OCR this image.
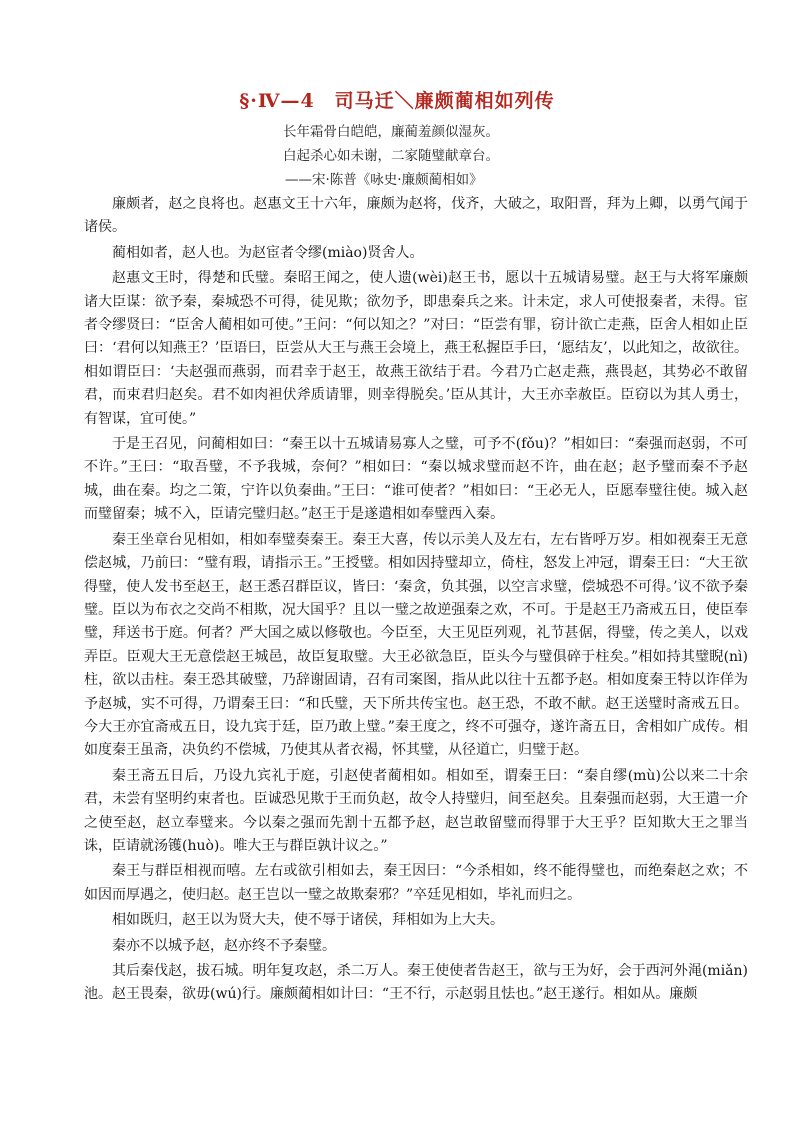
§·Ⅳ—4　司马迁＼廉颇蔺相如列传
长年霜骨白皑皑，廉蔺羞颜似湿灰。
白起杀心如未谢，二家随璧献章台。
——宋·陈普《咏史·廉颇蔺相如》

廉颇者，赵之良将也。赵惠文王十六年，廉颇为赵将，伐齐，大破之，取阳晋，拜为上卿，以勇气闻于诸侯。

蔺相如者，赵人也。为赵宦者令缪(miào)贤舍人。

赵惠文王时，得楚和氏璧。秦昭王闻之，使人遗(wèi)赵王书，愿以十五城请易璧。赵王与大将军廉颇诸大臣谋：欲予秦，秦城恐不可得，徒见欺；欲勿予，即患秦兵之来。计未定，求人可使报秦者，未得。宦者令缪贤曰：“臣舍人蔺相如可使。”王问：“何以知之？”对曰：“臣尝有罪，窃计欲亡走燕，臣舍人相如止臣曰：‘君何以知燕王？’臣语曰，臣尝从大王与燕王会境上，燕王私握臣手曰，‘愿结友’，以此知之，故欲往。相如谓臣曰：‘夫赵强而燕弱，而君幸于赵王，故燕王欲结于君。今君乃亡赵走燕，燕畏赵，其势必不敢留君，而束君归赵矣。君不如肉袒伏斧质请罪，则幸得脱矣。’臣从其计，大王亦幸赦臣。臣窃以为其人勇士，有智谋，宜可使。”

于是王召见，问蔺相如曰：“秦王以十五城请易寡人之璧，可予不(fǒu)？”相如曰：“秦强而赵弱，不可不许。”王曰：“取吾璧，不予我城，奈何？”相如曰：“秦以城求璧而赵不许，曲在赵；赵予璧而秦不予赵城，曲在秦。均之二策，宁许以负秦曲。”王曰：“谁可使者？”相如曰：“王必无人，臣愿奉璧往使。城入赵而璧留秦；城不入，臣请完璧归赵。”赵王于是遂遣相如奉璧西入秦。

秦王坐章台见相如，相如奉璧奏秦王。秦王大喜，传以示美人及左右，左右皆呼万岁。相如视秦王无意偿赵城，乃前曰：“璧有瑕，请指示王。”王授璧。相如因持璧却立，倚柱，怒发上冲冠，谓秦王曰：“大王欲得璧，使人发书至赵王，赵王悉召群臣议，皆曰：‘秦贪，负其强，以空言求璧，偿城恐不可得。’议不欲予秦璧。臣以为布衣之交尚不相欺，况大国乎？且以一璧之故逆强秦之欢，不可。于是赵王乃斋戒五日，使臣奉璧，拜送书于庭。何者？严大国之威以修敬也。今臣至，大王见臣列观，礼节甚倨，得璧，传之美人，以戏弄臣。臣观大王无意偿赵王城邑，故臣复取璧。大王必欲急臣，臣头今与璧俱碎于柱矣。”相如持其璧睨(nì)柱，欲以击柱。秦王恐其破璧，乃辞谢固请，召有司案图，指从此以往十五都予赵。相如度秦王特以诈佯为予赵城，实不可得，乃谓秦王曰：“和氏璧，天下所共传宝也。赵王恐，不敢不献。赵王送璧时斋戒五日。今大王亦宜斋戒五日，设九宾于廷，臣乃敢上璧。”秦王度之，终不可强夺，遂许斋五日，舍相如广成传。相如度秦王虽斋，决负约不偿城，乃使其从者衣褐，怀其璧，从径道亡，归璧于赵。

秦王斋五日后，乃设九宾礼于庭，引赵使者蔺相如。相如至，谓秦王曰：“秦自缪(mù)公以来二十余君，未尝有坚明约束者也。臣诚恐见欺于王而负赵，故令人持璧归，间至赵矣。且秦强而赵弱，大王遣一介之使至赵，赵立奉璧来。今以秦之强而先割十五都予赵，赵岂敢留璧而得罪于大王乎？臣知欺大王之罪当诛，臣请就汤镬(huò)。唯大王与群臣孰计议之。”

秦王与群臣相视而嘻。左右或欲引相如去，秦王因曰：“今杀相如，终不能得璧也，而绝秦赵之欢；不如因而厚遇之，使归赵。赵王岂以一璧之故欺秦邪？”卒廷见相如，毕礼而归之。

相如既归，赵王以为贤大夫，使不辱于诸侯，拜相如为上大夫。

秦亦不以城予赵，赵亦终不予秦璧。

其后秦伐赵，拔石城。明年复攻赵，杀二万人。秦王使使者告赵王，欲与王为好，会于西河外渑(miǎn)池。赵王畏秦，欲毋(wú)行。廉颇蔺相如计曰：“王不行，示赵弱且怯也。”赵王遂行。相如从。廉颇
